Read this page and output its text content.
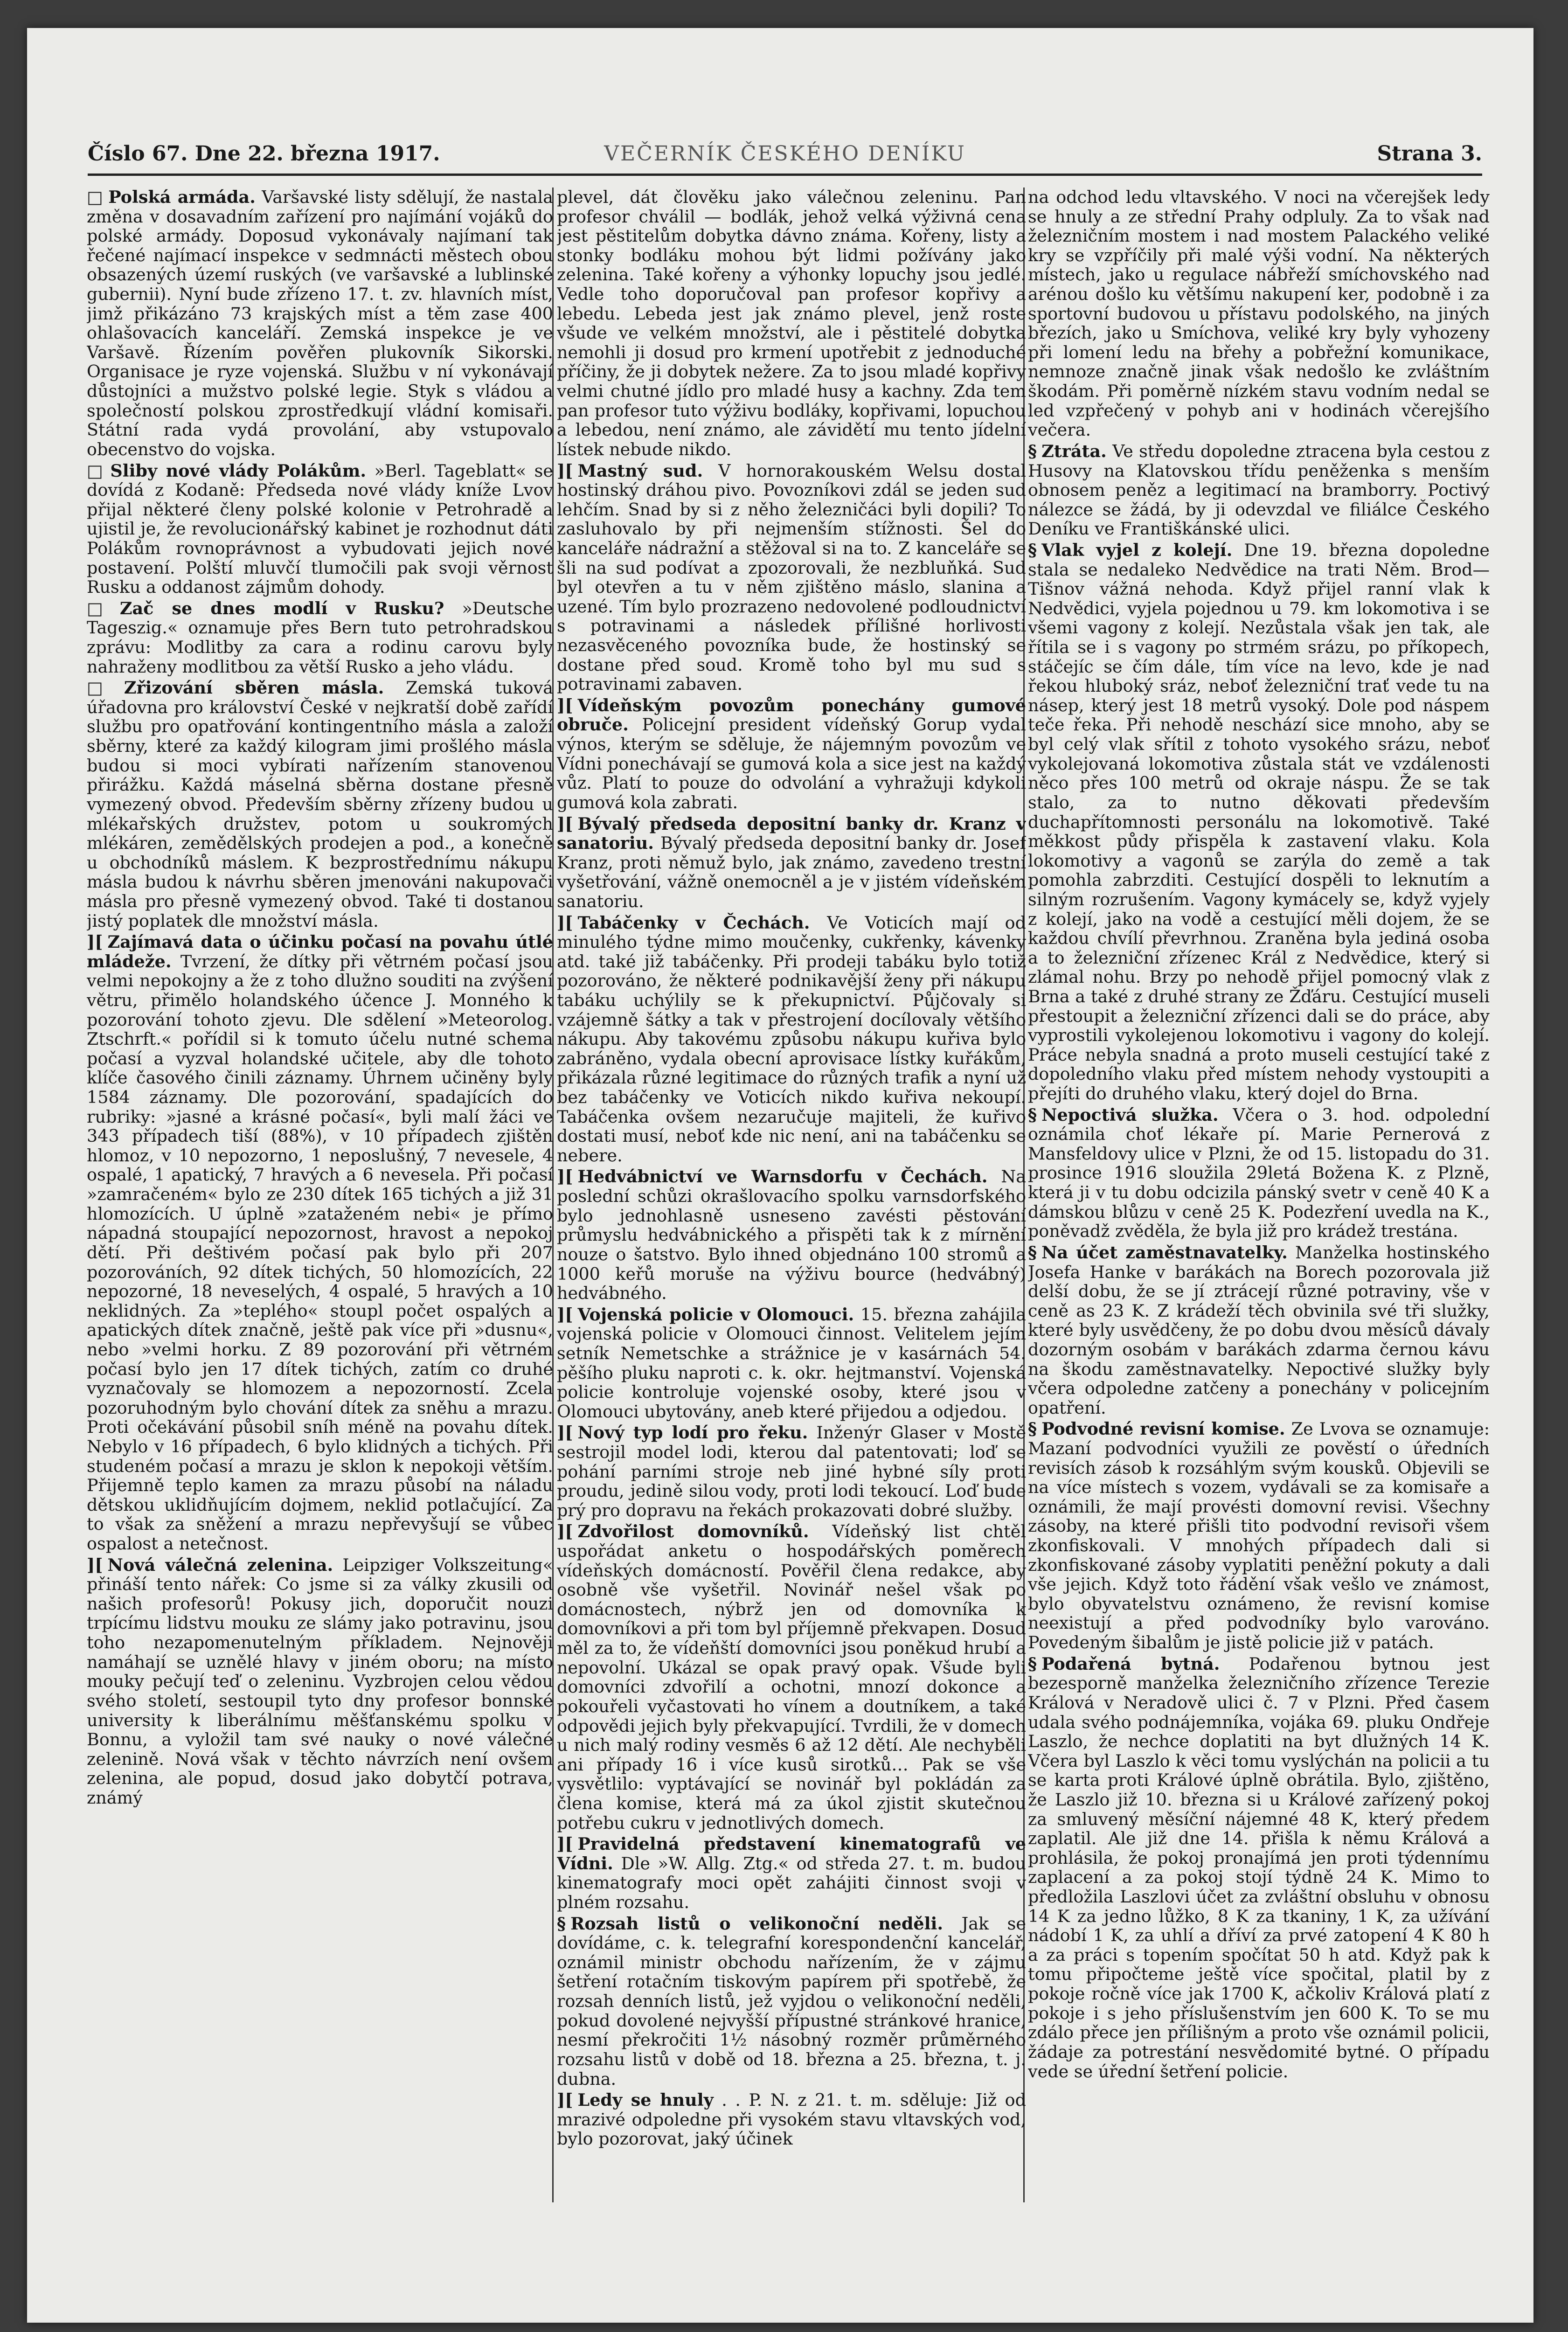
Číslo 67. Dne 22. března 1917.	VEČERNÍK ČESKÉHO DENÍKU	Strana 3.

□ Polská armáda. Varšavské listy sdělují, že nastala změna v dosavadním zařízení pro najímání vojáků do polské armády. Doposud vykonávaly najímaní tak řečené najímací inspekce v sedmnácti městech obou obsazených území ruských (ve varšavské a lublinské gubernii). Nyní bude zřízeno 17. t. zv. hlavních míst, jimž přikázáno 73 krajských míst a těm zase 400 ohlašovacích kanceláří. Zemská inspekce je ve Varšavě. Řízením pověřen plukovník Sikorski. Organisace je ryze vojenská. Službu v ní vykonávají důstojníci a mužstvo polské legie. Styk s vládou a společností polskou zprostředkují vládní komisaři. Státní rada vydá provolání, aby vstupovalo obecenstvo do vojska.

□ Sliby nové vlády Polákům. »Berl. Tageblatt« se dovídá z Kodaně: Předseda nové vlády kníže Lvov přijal některé členy polské kolonie v Petrohradě a ujistil je, že revolucionářský kabinet je rozhodnut dáti Polákům rovnoprávnost a vybudovati jejich nové postavení. Polští mluvčí tlumočili pak svoji věrnost Rusku a oddanost zájmům dohody.

□ Zač se dnes modlí v Rusku? »Deutsche Tageszig.« oznamuje přes Bern tuto petrohradskou zprávu: Modlitby za cara a rodinu carovu byly nahraženy modlitbou za větší Rusko a jeho vládu.

□ Zřizování sběren másla. Zemská tuková úřadovna pro království České v nejkratší době zařídí službu pro opatřování kontingentního másla a založí sběrny, které za každý kilogram jimi prošlého másla budou si moci vybírati nařízením stanovenou přirážku. Každá máselná sběrna dostane přesně vymezený obvod. Především sběrny zřízeny budou u mlékařských družstev, potom u soukromých mlékáren, zemědělských prodejen a pod., a konečně u obchodníků máslem. K bezprostřednímu nákupu másla budou k návrhu sběren jmenováni nakupovači másla pro přesně vymezený obvod. Také ti dostanou jistý poplatek dle množství másla.

][ Zajímavá data o účinku počasí na povahu útlé mládeže. Tvrzení, že dítky při větrném počasí jsou velmi nepokojny a že z toho dlužno souditi na zvýšení větru, přimělo holandského účence J. Monného k pozorování tohoto zjevu. Dle sdělení »Meteorolog. Ztschrft.« pořídil si k tomuto účelu nutné schema počasí a vyzval holandské učitele, aby dle tohoto klíče časového činili záznamy. Úhrnem učiněny byly 1584 záznamy. Dle pozorování, spadajících do rubriky: »jasné a krásné počasí«, byli malí žáci ve 343 případech tiší (88%), v 10 případech zjištěn hlomoz, v 10 nepozorno, 1 neposlušný, 7 nevesele, 4 ospalé, 1 apatický, 7 hravých a 6 nevesela. Při počasí »zamračeném« bylo ze 230 dítek 165 tichých a již 31 hlomozících. U úplně »zataženém nebi« je přímo nápadná stoupající nepozornost, hravost a nepokoj dětí. Při deštivém počasí pak bylo při 207 pozorováních, 92 dítek tichých, 50 hlomozících, 22 nepozorné, 18 neveselých, 4 ospalé, 5 hravých a 10 neklidných. Za »teplého« stoupl počet ospalých a apatických dítek značně, ještě pak více při »dusnu«, nebo »velmi horku. Z 89 pozorování při větrném počasí bylo jen 17 dítek tichých, zatím co druhé vyznačovaly se hlomozem a nepozorností. Zcela pozoruhodným bylo chování dítek za sněhu a mrazu. Proti očekávání působil sníh méně na povahu dítek. Nebylo v 16 případech, 6 bylo klidných a tichých. Při studeném počasí a mrazu je sklon k nepokoji větším. Přijemně teplo kamen za mrazu působí na náladu dětskou uklidňujícím dojmem, neklid potlačující. Za to však za sněžení a mrazu nepřevyšují se vůbec ospalost a netečnost.

][ Nová válečná zelenina. Leipziger Volkszeitung« přináší tento nářek: Co jsme si za války zkusili od našich profesorů! Pokusy jich, doporučit nouzi trpícímu lidstvu mouku ze slámy jako potravinu, jsou toho nezapomenutelným příkladem. Nejnověji namáhají se uznělé hlavy v jiném oboru; na místo mouky pečují teď o zeleninu. Vyzbrojen celou vědou svého století, sestoupil tyto dny profesor bonnské university k liberálnímu měšťanskému spolku v Bonnu, a vyložil tam své nauky o nové válečné zelenině. Nová však v těchto návrzích není ovšem zelenina, ale popud, dosud jako dobytčí potrava, známý

plevel, dát člověku jako válečnou zeleninu. Pan profesor chválil — bodlák, jehož velká výživná cena jest pěstitelům dobytka dávno známa. Kořeny, listy a stonky bodláku mohou být lidmi požívány jako zelenina. Také kořeny a výhonky lopuchy jsou jedlé. Vedle toho doporučoval pan profesor kopřivy a lebedu. Lebeda jest jak známo plevel, jenž roste všude ve velkém množství, ale i pěstitelé dobytka nemohli ji dosud pro krmení upotřebit z jednoduché příčiny, že ji dobytek nežere. Za to jsou mladé kopřivy velmi chutné jídlo pro mladé husy a kachny. Zda tem pan profesor tuto výživu bodláky, kopřivami, lopuchou a lebedou, není známo, ale závidětí mu tento jídelní lístek nebude nikdo.

][ Mastný sud. V hornorakouském Welsu dostal hostinský dráhou pivo. Povozníkovi zdál se jeden sud lehčím. Snad by si z něho železničáci byli dopili? To zasluhovalo by při nejmenším stížnosti. Šel do kanceláře nádražní a stěžoval si na to. Z kanceláře se šli na sud podívat a zpozorovali, že nezbluňká. Sud byl otevřen a tu v něm zjištěno máslo, slanina a uzené. Tím bylo prozrazeno nedovolené podloudnictví s potravinami a následek přílišné horlivosti nezasvěceného povozníka bude, že hostinský se dostane před soud. Kromě toho byl mu sud s potravinami zabaven.

][ Vídeňským povozům ponechány gumové obruče. Policejní president vídeňský Gorup vydal výnos, kterým se sděluje, že nájemným povozům ve Vídni ponechávají se gumová kola a sice jest na každý vůz. Platí to pouze do odvolání a vyhražuji kdykoli gumová kola zabrati.

][ Bývalý předseda depositní banky dr. Kranz v sanatoriu. Bývalý předseda depositní banky dr. Josef Kranz, proti němuž bylo, jak známo, zavedeno trestní vyšetřování, vážně onemocněl a je v jistém vídeňském sanatoriu.

][ Tabáčenky v Čechách. Ve Voticích mají od minulého týdne mimo moučenky, cukřenky, kávenky atd. také již tabáčenky. Při prodeji tabáku bylo totiž pozorováno, že některé podnikavější ženy při nákupu tabáku uchýlily se k překupnictví. Půjčovaly si vzájemně šátky a tak v přestrojení docílovaly většího nákupu. Aby takovému způsobu nákupu kuřiva bylo zabráněno, vydala obecní aprovisace lístky kuřákům, přikázala různé legitimace do různých trafik a nyní už bez tabáčenky ve Voticích nikdo kuřiva nekoupí. Tabáčenka ovšem nezaručuje majiteli, že kuřivo dostati musí, neboť kde nic není, ani na tabáčenku se nebere.

][ Hedvábnictví ve Warnsdorfu v Čechách. Na poslední schůzi okrašlovacího spolku varnsdorfského bylo jednohlasně usneseno zavésti pěstování průmyslu hedvábnického a přispěti tak k z mírnění nouze o šatstvo. Bylo ihned objednáno 100 stromů a 1000 keřů moruše na výživu bource (hedvábný) hedvábného.

][ Vojenská policie v Olomouci. 15. března zahájila vojenská policie v Olomouci činnost. Velitelem jejím setník Nemetschke a strážnice je v kasárnách 54. pěšího pluku naproti c. k. okr. hejtmanství. Vojenská policie kontroluje vojenské osoby, které jsou v Olomouci ubytovány, aneb které přijedou a odjedou.

][ Nový typ lodí pro řeku. Inženýr Glaser v Mostě sestrojil model lodi, kterou dal patentovati; loď se pohání parními stroje neb jiné hybné síly proti proudu, jedině silou vody, proti lodi tekoucí. Loď bude prý pro dopravu na řekách prokazovati dobré služby.

][ Zdvořilost domovníků. Vídeňský list chtěl uspořádat anketu o hospodářských poměrech vídeňských domácností. Pověřil člena redakce, aby osobně vše vyšetřil. Novinář nešel však po domácnostech, nýbrž jen od domovníka k domovníkovi a při tom byl příjemně překvapen. Dosud měl za to, že vídeňští domovníci jsou poněkud hrubí a nepovolní. Ukázal se opak pravý opak. Všude byli domovníci zdvořilí a ochotni, mnozí dokonce a pokouřeli vyčastovati ho vínem a doutníkem, a také odpovědi jejich byly překvapující. Tvrdili, že v domech u nich malý rodiny vesměs 6 až 12 dětí. Ale nechyběli ani případy 16 i více kusů sirotků… Pak se vše vysvětlilo: vyptávající se novinář byl pokládán za člena komise, která má za úkol zjistit skutečnou potřebu cukru v jednotlivých domech.

][ Pravidelná představení kinematografů ve Vídni. Dle »W. Allg. Ztg.« od středa 27. t. m. budou kinematografy moci opět zahájiti činnost svoji v plném rozsahu.

§ Rozsah listů o velikonoční neděli. Jak se dovídáme, c. k. telegrafní korespondenční kancelář, oznámil ministr obchodu nařízením, že v zájmu šetření rotačním tiskovým papírem při spotřebě, že rozsah denních listů, jež vyjdou o velikonoční neděli, pokud dovolené nejvyšší přípustné stránkové hranice, nesmí překročiti 1½ násobný rozměr průměrného rozsahu listů v době od 18. března a 25. března, t. j. dubna.

][ Ledy se hnuly . . P. N. z 21. t. m. sděluje: Již od mrazivé odpoledne při vysokém stavu vltavských vod, bylo pozorovat, jaký účinek

na odchod ledu vltavského. V noci na včerejšek ledy se hnuly a ze střední Prahy odpluly. Za to však nad železničním mostem i nad mostem Palackého veliké kry se vzpříčily při malé výši vodní. Na některých místech, jako u regulace nábřeží smíchovského nad arénou došlo ku většímu nakupení ker, podobně i za sportovní budovou u přístavu podolského, na jiných březích, jako u Smíchova, veliké kry byly vyhozeny při lomení ledu na břehy a pobřežní komunikace, nemnoze značně jinak však nedošlo ke zvláštním škodám. Při poměrně nízkém stavu vodním nedal se led vzpřečený v pohyb ani v hodinách včerejšího večera.

§ Ztráta. Ve středu dopoledne ztracena byla cestou z Husovy na Klatovskou třídu peněženka s menším obnosem peněz a legitimací na bramborry. Poctivý nálezce se žádá, by ji odevzdal ve filiálce Českého Deníku ve Františkánské ulici.

§ Vlak vyjel z kolejí. Dne 19. března dopoledne stala se nedaleko Nedvědice na trati Něm. Brod—Tišnov vážná nehoda. Když přijel ranní vlak k Nedvědici, vyjela pojednou u 79. km lokomotiva i se všemi vagony z kolejí. Nezůstala však jen tak, ale řítila se i s vagony po strmém srázu, po příkopech, stáčejíc se čím dále, tím více na levo, kde je nad řekou hluboký sráz, neboť železniční trať vede tu na násep, který jest 18 metrů vysoký. Dole pod náspem teče řeka. Při nehodě neschází sice mnoho, aby se byl celý vlak sřítil z tohoto vysokého srázu, neboť vykolejovaná lokomotiva zůstala stát ve vzdálenosti něco přes 100 metrů od okraje náspu. Že se tak stalo, za to nutno děkovati především duchapřítomnosti personálu na lokomotivě. Také měkkost půdy přispěla k zastavení vlaku. Kola lokomotivy a vagonů se zarýla do země a tak pomohla zabrzditi. Cestující dospěli to leknutím a silným rozrušením. Vagony kymácely se, když vyjely z kolejí, jako na vodě a cestující měli dojem, že se každou chvílí převrhnou. Zraněna byla jediná osoba a to železniční zřízenec Král z Nedvědice, který si zlámal nohu. Brzy po nehodě přijel pomocný vlak z Brna a také z druhé strany ze Žďáru. Cestující museli přestoupit a železniční zřízenci dali se do práce, aby vyprostili vykolejenou lokomotivu i vagony do kolejí. Práce nebyla snadná a proto museli cestující také z dopoledního vlaku před místem nehody vystoupiti a přejíti do druhého vlaku, který dojel do Brna.

§ Nepoctivá služka. Včera o 3. hod. odpolední oznámila choť lékaře pí. Marie Pernerová z Mansfeldovy ulice v Plzni, že od 15. listopadu do 31. prosince 1916 sloužila 29letá Božena K. z Plzně, která ji v tu dobu odcizila pánský svetr v ceně 40 K a dámskou blůzu v ceně 25 K. Podezření uvedla na K., poněvadž zvěděla, že byla již pro krádež trestána.

§ Na účet zaměstnavatelky. Manželka hostinského Josefa Hanke v barákách na Borech pozorovala již delší dobu, že se jí ztrácejí různé potraviny, vše v ceně as 23 K. Z krádeží těch obvinila své tři služky, které byly usvědčeny, že po dobu dvou měsíců dávaly dozorným osobám v barákách zdarma černou kávu na škodu zaměstnavatelky. Nepoctivé služky byly včera odpoledne zatčeny a ponechány v policejním opatření.

§ Podvodné revisní komise. Ze Lvova se oznamuje: Mazaní podvodníci využili ze pověstí o úředních revisích zásob k rozsáhlým svým kousků. Objevili se na více místech s vozem, vydávali se za komisaře a oznámili, že mají provésti domovní revisi. Všechny zásoby, na které přišli tito podvodní revisoři všem zkonfiskovali. V mnohých případech dali si zkonfiskované zásoby vyplatiti peněžní pokuty a dali vše jejich. Když toto řádění však vešlo ve známost, bylo obyvatelstvu oznámeno, že revisní komise neexistují a před podvodníky bylo varováno. Povedeným šibalům je jistě policie již v patách.

§ Podařená bytná. Podařenou bytnou jest bezesporně manželka železničního zřízence Terezie Králová v Neradově ulici č. 7 v Plzni. Před časem udala svého podnájemníka, vojáka 69. pluku Ondřeje Laszlo, že nechce doplatiti na byt dlužných 14 K. Včera byl Laszlo k věci tomu vyslýchán na policii a tu se karta proti Králové úplně obrátila. Bylo, zjištěno, že Laszlo již 10. března si u Králové zařízený pokoj za smluvený měsíční nájemné 48 K, který předem zaplatil. Ale již dne 14. přišla k němu Králová a prohlásila, že pokoj pronajímá jen proti týdennímu zaplacení a za pokoj stojí týdně 24 K. Mimo to předložila Laszlovi účet za zvláštní obsluhu v obnosu 14 K za jedno lůžko, 8 K za tkaniny, 1 K, za užívání nádobí 1 K, za uhlí a dříví za prvé zatopení 4 K 80 h a za práci s topením spočítat 50 h atd. Když pak k tomu připočteme ještě více spočital, platil by z pokoje ročně více jak 1700 K, ačkoliv Králová platí z pokoje i s jeho příslušenstvím jen 600 K. To se mu zdálo přece jen přílišným a proto vše oznámil policii, žádaje za potrestání nesvědomité bytné. O případu vede se úřední šetření policie.
